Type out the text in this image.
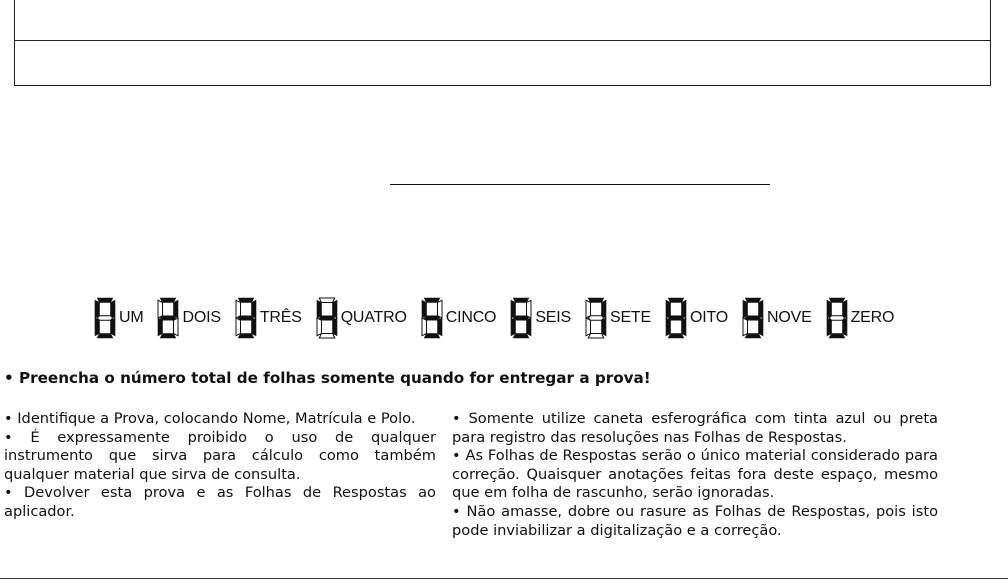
UM DOIS TRÊS QUATRO CINCO SEIS SETE OITO NOVE ZERO
• Preencha o número total de folhas somente quando for entregar a prova!

• Identifique a Prova, colocando Nome, Matrícula e Polo.

• É expressamente proibido o uso de qualquer instrumento que sirva para cálculo como também qualquer material que sirva de consulta.

• Devolver esta prova e as Folhas de Respostas ao aplicador.

• Somente utilize caneta esferográfica com tinta azul ou preta para registro das resoluções nas Folhas de Respostas.

• As Folhas de Respostas serão o único material considerado para correção. Quaisquer anotações feitas fora deste espaço, mesmo que em folha de rascunho, serão ignoradas.

• Não amasse, dobre ou rasure as Folhas de Respostas, pois isto pode inviabilizar a digitalização e a correção.
